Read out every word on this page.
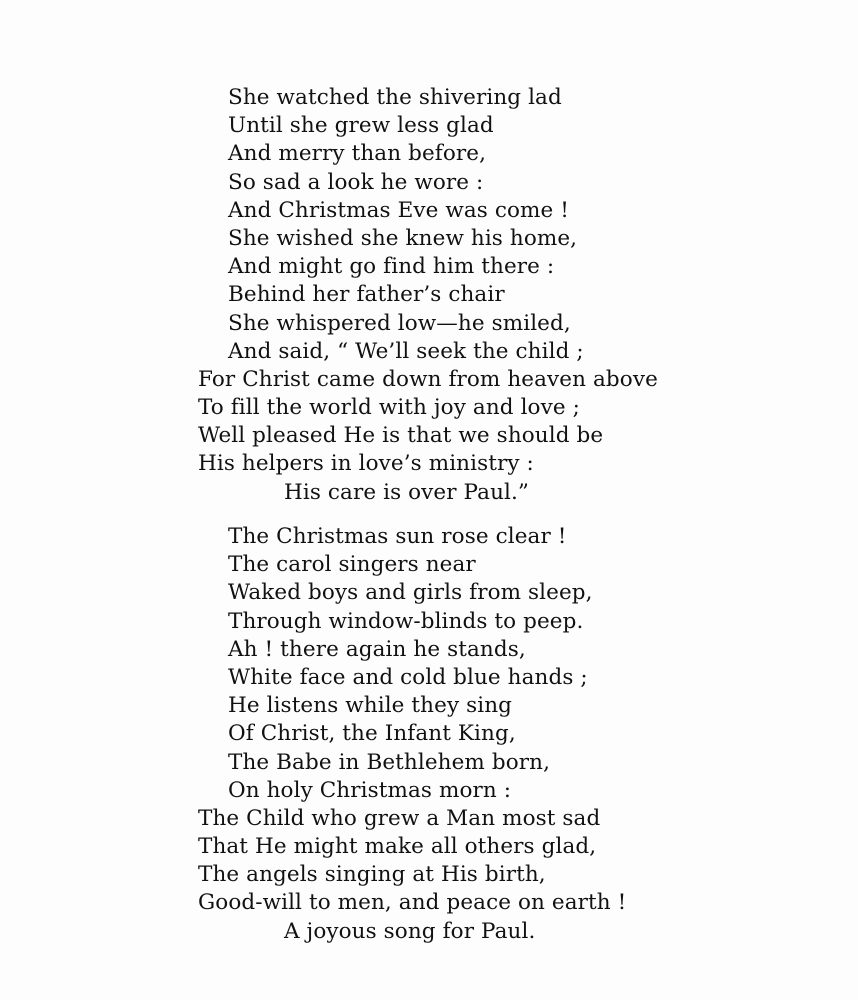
She watched the shivering lad
Until she grew less glad
And merry than before,
So sad a look he wore :
And Christmas Eve was come !
She wished she knew his home,
And might go find him there :
Behind her father’s chair
She whispered low—he smiled,
And said, “ We’ll seek the child ;
For Christ came down from heaven above
To fill the world with joy and love ;
Well pleased He is that we should be
His helpers in love’s ministry :
His care is over Paul.”
The Christmas sun rose clear !
The carol singers near
Waked boys and girls from sleep,
Through window-blinds to peep.
Ah ! there again he stands,
White face and cold blue hands ;
He listens while they sing
Of Christ, the Infant King,
The Babe in Bethlehem born,
On holy Christmas morn :
The Child who grew a Man most sad
That He might make all others glad,
The angels singing at His birth,
Good-will to men, and peace on earth !
A joyous song for Paul.
